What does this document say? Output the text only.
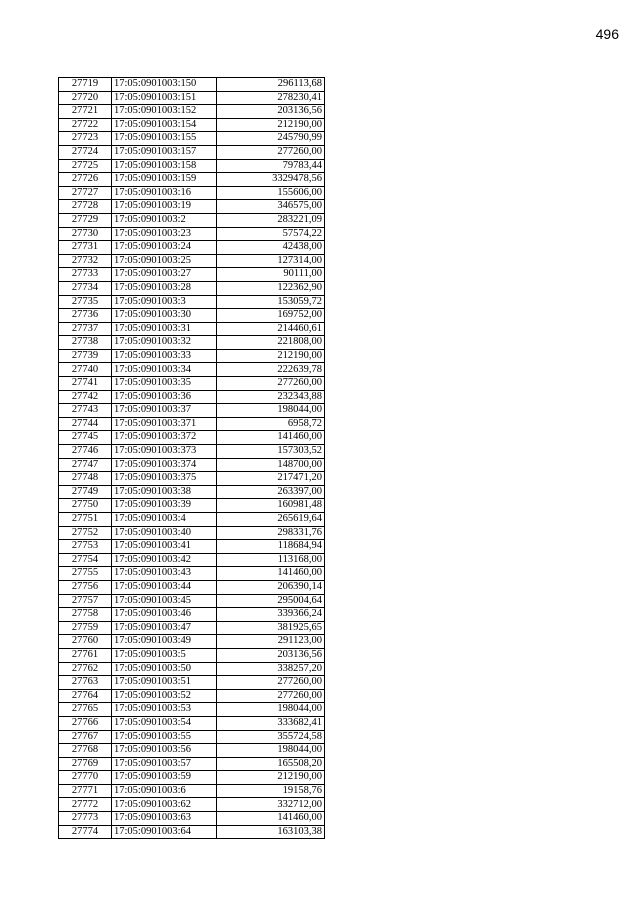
496
27719	17:05:0901003:150	296113,68
27720	17:05:0901003:151	278230,41
27721	17:05:0901003:152	203136,56
27722	17:05:0901003:154	212190,00
27723	17:05:0901003:155	245790,99
27724	17:05:0901003:157	277260,00
27725	17:05:0901003:158	79783,44
27726	17:05:0901003:159	3329478,56
27727	17:05:0901003:16	155606,00
27728	17:05:0901003:19	346575,00
27729	17:05:0901003:2	283221,09
27730	17:05:0901003:23	57574,22
27731	17:05:0901003:24	42438,00
27732	17:05:0901003:25	127314,00
27733	17:05:0901003:27	90111,00
27734	17:05:0901003:28	122362,90
27735	17:05:0901003:3	153059,72
27736	17:05:0901003:30	169752,00
27737	17:05:0901003:31	214460,61
27738	17:05:0901003:32	221808,00
27739	17:05:0901003:33	212190,00
27740	17:05:0901003:34	222639,78
27741	17:05:0901003:35	277260,00
27742	17:05:0901003:36	232343,88
27743	17:05:0901003:37	198044,00
27744	17:05:0901003:371	6958,72
27745	17:05:0901003:372	141460,00
27746	17:05:0901003:373	157303,52
27747	17:05:0901003:374	148700,00
27748	17:05:0901003:375	217471,20
27749	17:05:0901003:38	263397,00
27750	17:05:0901003:39	160981,48
27751	17:05:0901003:4	265619,64
27752	17:05:0901003:40	298331,76
27753	17:05:0901003:41	118684,94
27754	17:05:0901003:42	113168,00
27755	17:05:0901003:43	141460,00
27756	17:05:0901003:44	206390,14
27757	17:05:0901003:45	295004,64
27758	17:05:0901003:46	339366,24
27759	17:05:0901003:47	381925,65
27760	17:05:0901003:49	291123,00
27761	17:05:0901003:5	203136,56
27762	17:05:0901003:50	338257,20
27763	17:05:0901003:51	277260,00
27764	17:05:0901003:52	277260,00
27765	17:05:0901003:53	198044,00
27766	17:05:0901003:54	333682,41
27767	17:05:0901003:55	355724,58
27768	17:05:0901003:56	198044,00
27769	17:05:0901003:57	165508,20
27770	17:05:0901003:59	212190,00
27771	17:05:0901003:6	19158,76
27772	17:05:0901003:62	332712,00
27773	17:05:0901003:63	141460,00
27774	17:05:0901003:64	163103,38
